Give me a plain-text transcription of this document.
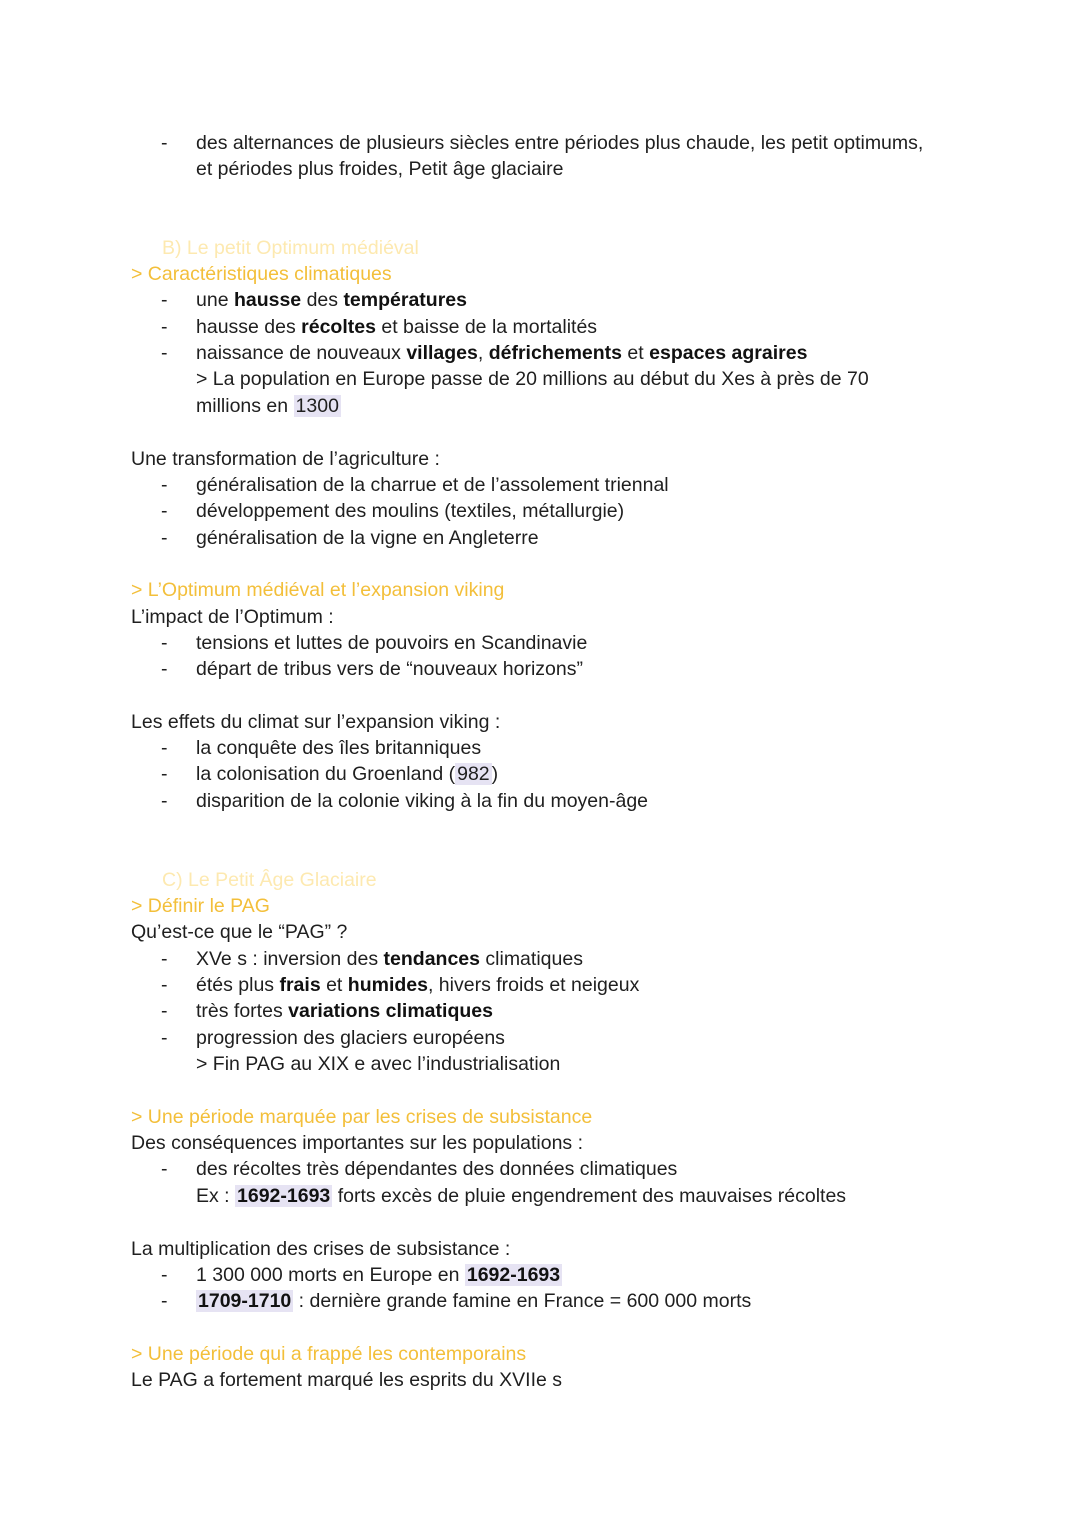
- des alternances de plusieurs siècles entre périodes plus chaude, les petit optimums,
et périodes plus froides, Petit âge glaciaire
B) Le petit Optimum médiéval
> Caractéristiques climatiques
- une hausse des températures
- hausse des récoltes et baisse de la mortalités
- naissance de nouveaux villages, défrichements et espaces agraires
> La population en Europe passe de 20 millions au début du Xes à près de 70
millions en 1300
Une transformation de l’agriculture :
- généralisation de la charrue et de l’assolement triennal
- développement des moulins (textiles, métallurgie)
- généralisation de la vigne en Angleterre
> L’Optimum médiéval et l’expansion viking
L’impact de l’Optimum :
- tensions et luttes de pouvoirs en Scandinavie
- départ de tribus vers de “nouveaux horizons”
Les effets du climat sur l’expansion viking :
- la conquête des îles britanniques
- la colonisation du Groenland ( 982 )
- disparition de la colonie viking à la fin du moyen-âge
C) Le Petit Âge Glaciaire
> Définir le PAG
Qu’est-ce que le “PAG” ?
- XVe s : inversion des tendances climatiques
- étés plus frais et humides, hivers froids et neigeux
- très fortes variations climatiques
- progression des glaciers européens
> Fin PAG au XIX e avec l’industrialisation
> Une période marquée par les crises de subsistance
Des conséquences importantes sur les populations :
- des récoltes très dépendantes des données climatiques
Ex : 1692-1693 forts excès de pluie engendrement des mauvaises récoltes
La multiplication des crises de subsistance :
- 1 300 000 morts en Europe en 1692-1693
- 1709-1710 : dernière grande famine en France = 600 000 morts
> Une période qui a frappé les contemporains
Le PAG a fortement marqué les esprits du XVIIe s
